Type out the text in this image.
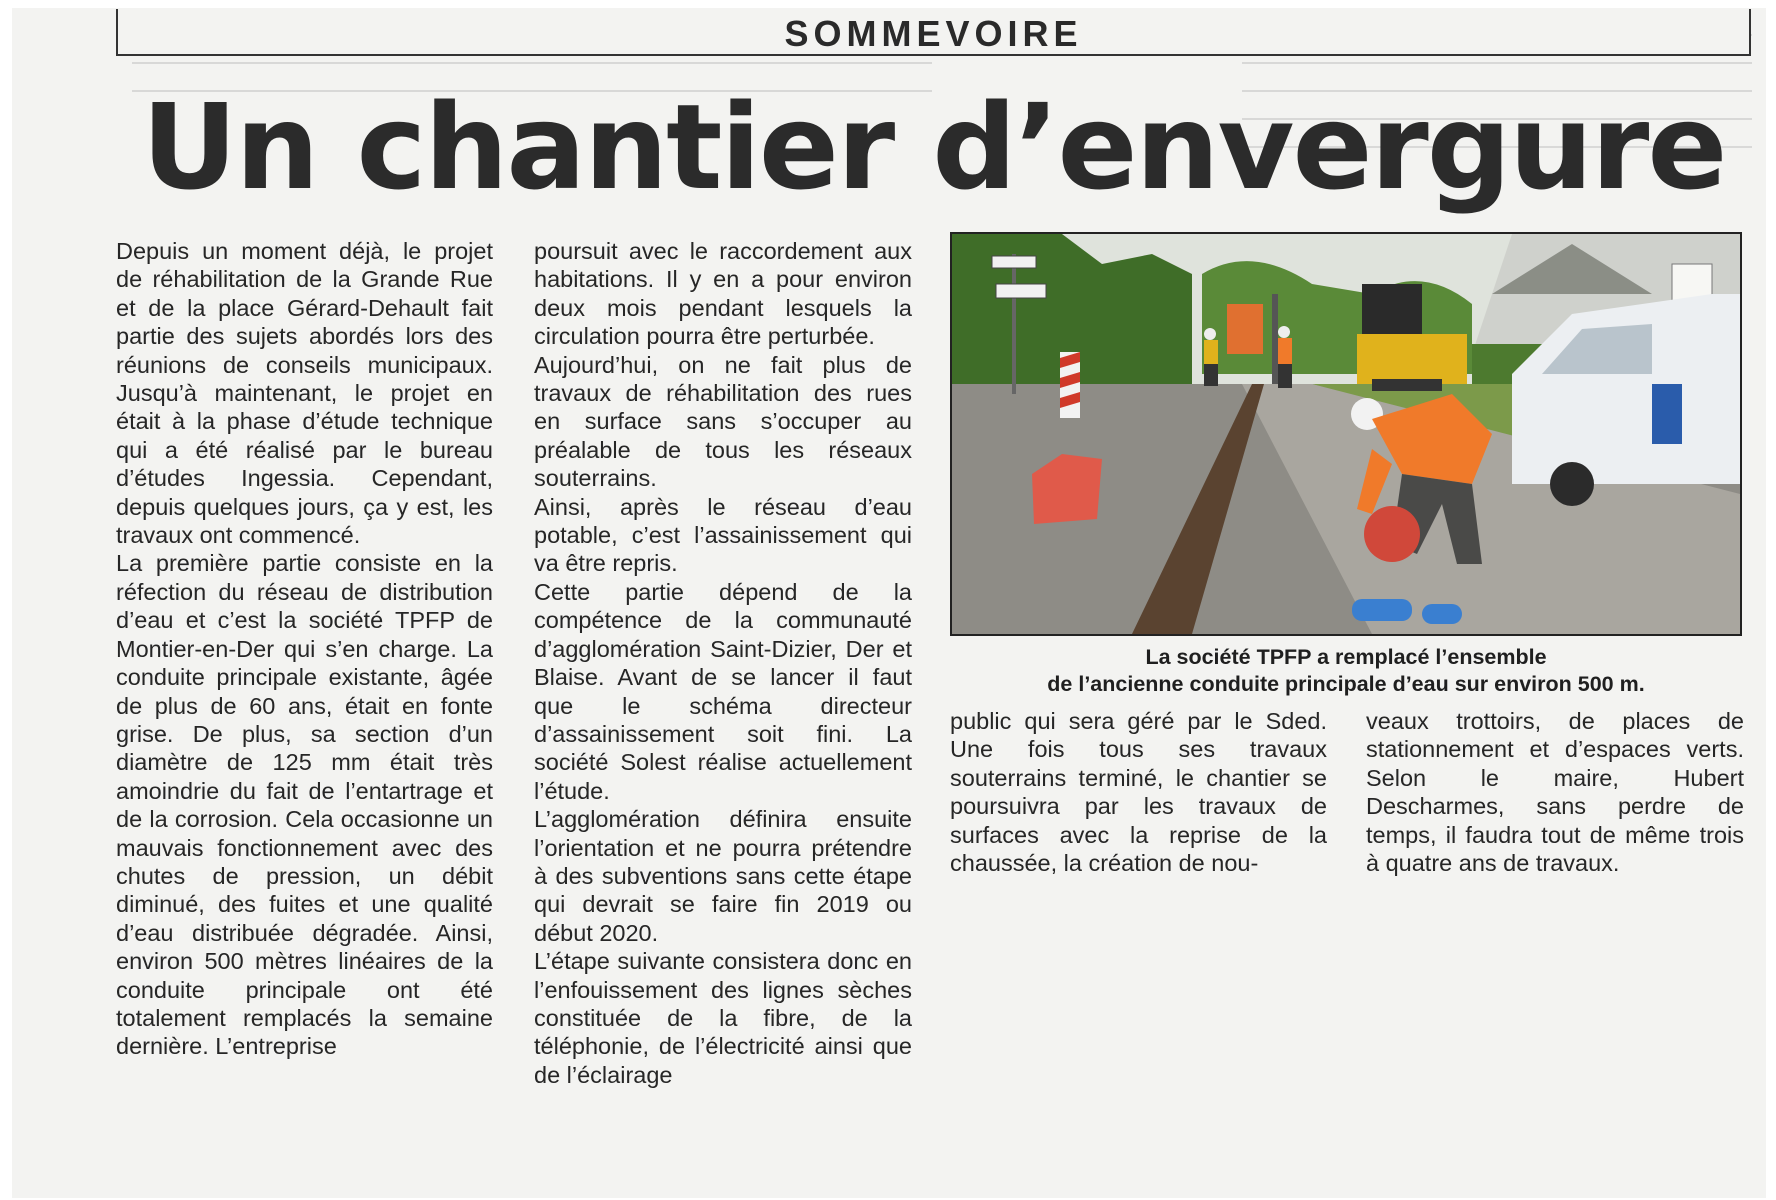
SOMMEVOIRE
Un chantier d’envergure

Depuis un moment déjà, le projet de réhabilitation de la Grande Rue et de la place Gérard-Dehault fait partie des sujets abordés lors des réunions de conseils municipaux. Jusqu’à maintenant, le projet en était à la phase d’étude technique qui a été réalisé par le bureau d’études Ingessia. Cependant, depuis quelques jours, ça y est, les travaux ont commencé.

La première partie consiste en la réfection du réseau de distribution d’eau et c’est la société TPFP de Montier-en-Der qui s’en charge. La conduite principale existante, âgée de plus de 60 ans, était en fonte grise. De plus, sa section d’un diamètre de 125 mm était très amoindrie du fait de l’entartrage et de la corrosion. Cela occasionne un mauvais fonctionnement avec des chutes de pression, un débit diminué, des fuites et une qualité d’eau distribuée dégradée. Ainsi, environ 500 mètres linéaires de la conduite principale ont été totalement remplacés la semaine dernière. L’entreprise

poursuit avec le raccordement aux habitations. Il y en a pour environ deux mois pendant lesquels la circulation pourra être perturbée.

Aujourd’hui, on ne fait plus de travaux de réhabilitation des rues en surface sans s’occuper au préalable de tous les réseaux souterrains.

Ainsi, après le réseau d’eau potable, c’est l’assainissement qui va être repris.

Cette partie dépend de la compétence de la communauté d’agglomération Saint-Dizier, Der et Blaise. Avant de se lancer il faut que le schéma directeur d’assainissement soit fini. La société Solest réalise actuellement l’étude.

L’agglomération définira ensuite l’orientation et ne pourra prétendre à des subventions sans cette étape qui devrait se faire fin 2019 ou début 2020.

L’étape suivante consistera donc en l’enfouissement des lignes sèches constituée de la fibre, de la téléphonie, de l’électricité ainsi que de l’éclairage

La société TPFP a remplacé l’ensemble
de l’ancienne conduite principale d’eau sur environ 500 m.

public qui sera géré par le Sded. Une fois tous ses travaux souterrains terminé, le chantier se poursuivra par les travaux de surfaces avec la reprise de la chaussée, la création de nou-

veaux trottoirs, de places de stationnement et d’espaces verts. Selon le maire, Hubert Descharmes, sans perdre de temps, il faudra tout de même trois à quatre ans de travaux.
